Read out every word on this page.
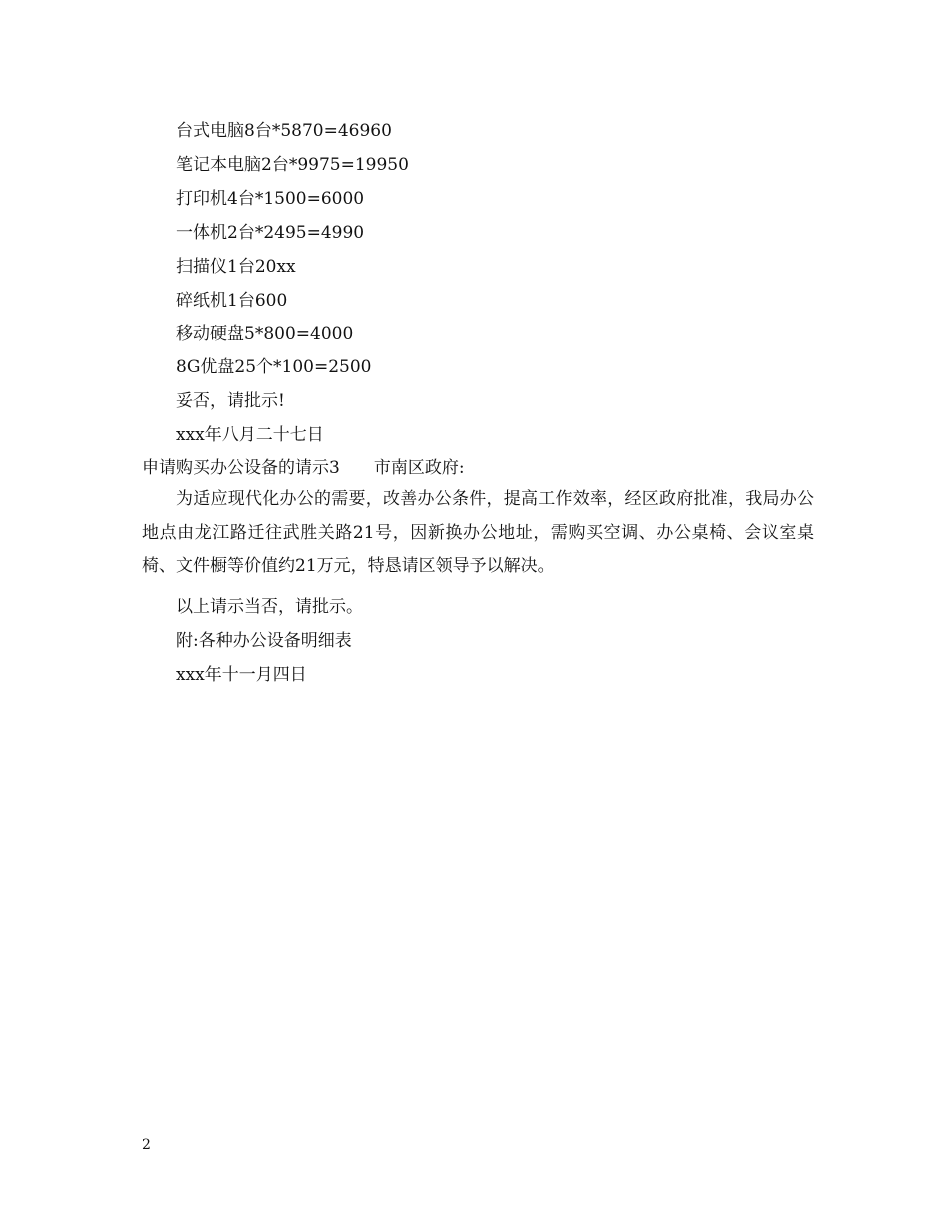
台式电脑8台*5870=46960
笔记本电脑2台*9975=19950
打印机4台*1500=6000
一体机2台*2495=4990
扫描仪1台20xx
碎纸机1台600
移动硬盘5*800=4000
8G优盘25个*100=2500
妥否，请批示!
xxx年八月二十七日
申请购买办公设备的请示3　　市南区政府:
为适应现代化办公的需要，改善办公条件，提高工作效率，经区政府批准，我局办公地点由龙江路迁往武胜关路21号，因新换办公地址，需购买空调、办公桌椅、会议室桌椅、文件橱等价值约21万元，特恳请区领导予以解决。
以上请示当否，请批示。
附:各种办公设备明细表
xxx年十一月四日
2
